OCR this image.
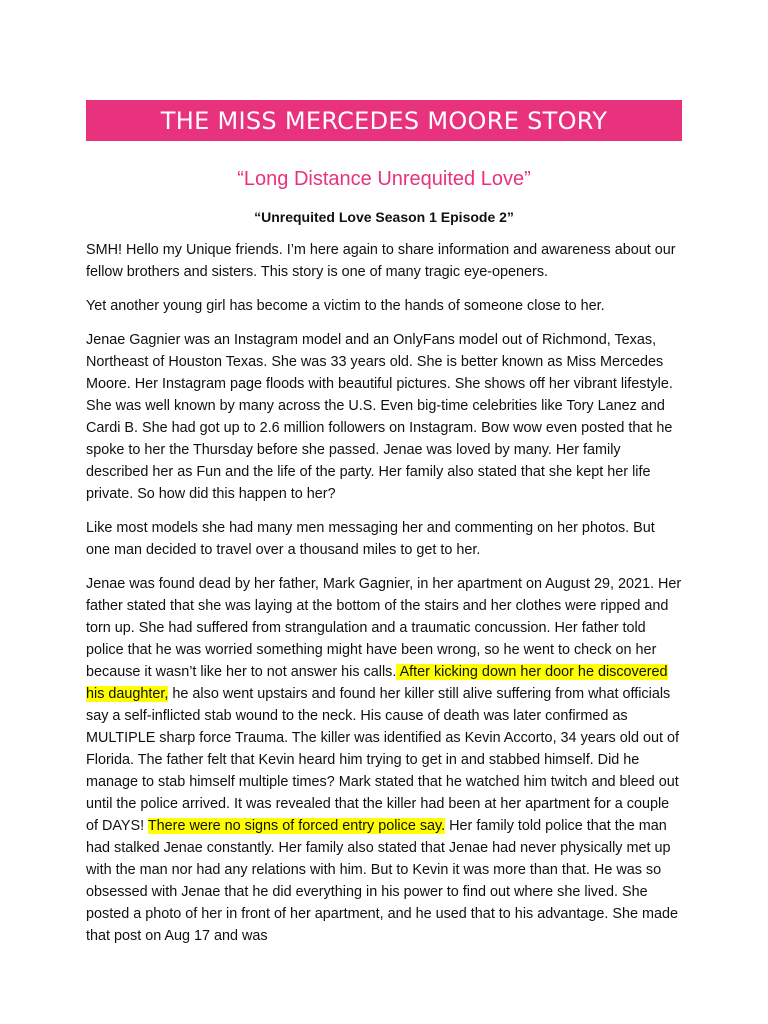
THE MISS MERCEDES MOORE STORY
“Long Distance Unrequited Love”
“Unrequited Love Season 1 Episode 2”

SMH! Hello my Unique friends. I’m here again to share information and awareness about our fellow brothers and sisters. This story is one of many tragic eye-openers.

Yet another young girl has become a victim to the hands of someone close to her.

Jenae Gagnier was an Instagram model and an OnlyFans model out of Richmond, Texas, Northeast of Houston Texas. She was 33 years old. She is better known as Miss Mercedes Moore. Her Instagram page floods with beautiful pictures. She shows off her vibrant lifestyle. She was well known by many across the U.S. Even big-time celebrities like Tory Lanez and Cardi B. She had got up to 2.6 million followers on Instagram. Bow wow even posted that he spoke to her the Thursday before she passed. Jenae was loved by many. Her family described her as Fun and the life of the party. Her family also stated that she kept her life private. So how did this happen to her?

Like most models she had many men messaging her and commenting on her photos. But one man decided to travel over a thousand miles to get to her.

Jenae was found dead by her father, Mark Gagnier, in her apartment on August 29, 2021. Her father stated that she was laying at the bottom of the stairs and her clothes were ripped and torn up. She had suffered from strangulation and a traumatic concussion. Her father told police that he was worried something might have been wrong, so he went to check on her because it wasn’t like her to not answer his calls. After kicking down her door he discovered his daughter, he also went upstairs and found her killer still alive suffering from what officials say a self-inflicted stab wound to the neck. His cause of death was later confirmed as MULTIPLE sharp force Trauma. The killer was identified as Kevin Accorto, 34 years old out of Florida. The father felt that Kevin heard him trying to get in and stabbed himself. Did he manage to stab himself multiple times? Mark stated that he watched him twitch and bleed out until the police arrived. It was revealed that the killer had been at her apartment for a couple of DAYS! There were no signs of forced entry police say. Her family told police that the man had stalked Jenae constantly. Her family also stated that Jenae had never physically met up with the man nor had any relations with him. But to Kevin it was more than that. He was so obsessed with Jenae that he did everything in his power to find out where she lived. She posted a photo of her in front of her apartment, and he used that to his advantage. She made that post on Aug 17 and was
